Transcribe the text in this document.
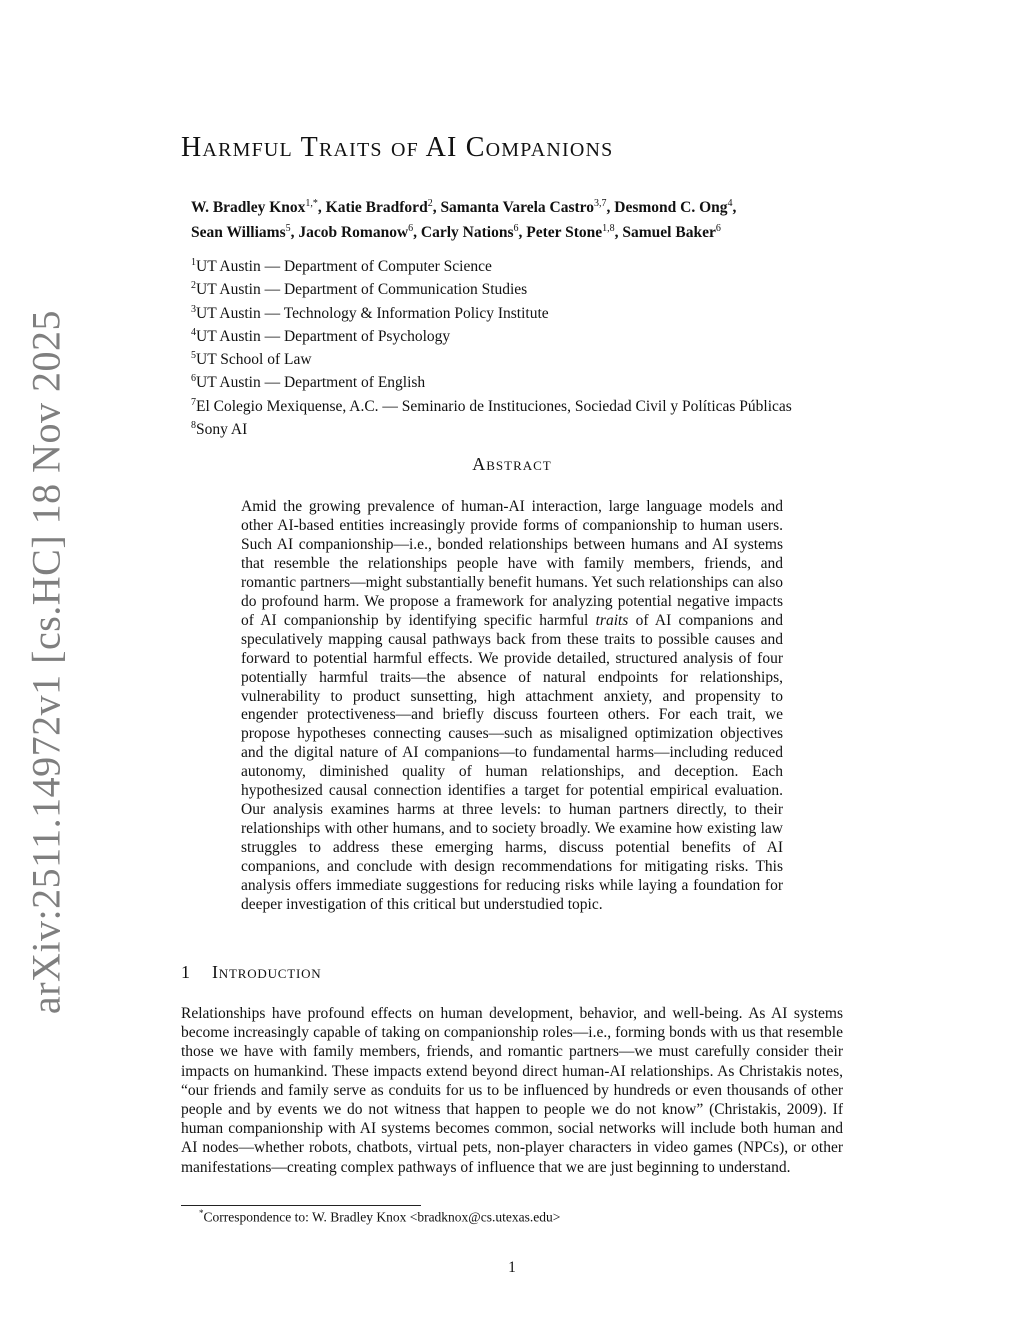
arXiv:2511.14972v1 [cs.HC] 18 Nov 2025
Harmful Traits of AI Companions
W. Bradley Knox$^{1,*}$, Katie Bradford$^2$, Samanta Varela Castro$^{3,7}$, Desmond C. Ong$^4$,
Sean Williams$^5$, Jacob Romanow$^6$, Carly Nations$^6$, Peter Stone$^{1,8}$, Samuel Baker$^6$
$^1$UT Austin — Department of Computer Science
$^2$UT Austin — Department of Communication Studies
$^3$UT Austin — Technology & Information Policy Institute
$^4$UT Austin — Department of Psychology
$^5$UT School of Law
$^6$UT Austin — Department of English
$^7$El Colegio Mexiquense, A.C. — Seminario de Instituciones, Sociedad Civil y Políticas Públicas
$^8$Sony AI
Abstract
Amid the growing prevalence of human-AI interaction, large language models and other AI-based entities increasingly provide forms of companionship to human users. Such AI companionship—i.e., bonded relationships between humans and AI systems that resemble the relationships people have with family members, friends, and romantic partners—might substantially benefit humans. Yet such relationships can also do profound harm. We propose a framework for analyzing potential negative impacts of AI companionship by identifying specific harmful traits of AI companions and speculatively mapping causal pathways back from these traits to possible causes and forward to potential harmful effects. We provide detailed, structured analysis of four potentially harmful traits—the absence of natural endpoints for relationships, vulnerability to product sunsetting, high attachment anxiety, and propensity to engender protectiveness—and briefly discuss fourteen others. For each trait, we propose hypotheses connecting causes—such as misaligned optimization objectives and the digital nature of AI companions—to fundamental harms—including reduced autonomy, diminished quality of human relationships, and deception. Each hypothesized causal connection identifies a target for potential empirical evaluation. Our analysis examines harms at three levels: to human partners directly, to their relationships with other humans, and to society broadly. We examine how existing law struggles to address these emerging harms, discuss potential benefits of AI companions, and conclude with design recommendations for mitigating risks. This analysis offers immediate suggestions for reducing risks while laying a foundation for deeper investigation of this critical but understudied topic.
1 Introduction
Relationships have profound effects on human development, behavior, and well-being. As AI systems become increasingly capable of taking on companionship roles—i.e., forming bonds with us that resemble those we have with family members, friends, and romantic partners—we must carefully consider their impacts on humankind. These impacts extend beyond direct human-AI relationships. As Christakis notes, “our friends and family serve as conduits for us to be influenced by hundreds or even thousands of other people and by events we do not witness that happen to people we do not know” (Christakis, 2009). If human companionship with AI systems becomes common, social networks will include both human and AI nodes—whether robots, chatbots, virtual pets, non-player characters in video games (NPCs), or other manifestations—creating complex pathways of influence that we are just beginning to understand.
*Correspondence to: W. Bradley Knox <bradknox@cs.utexas.edu>
1
